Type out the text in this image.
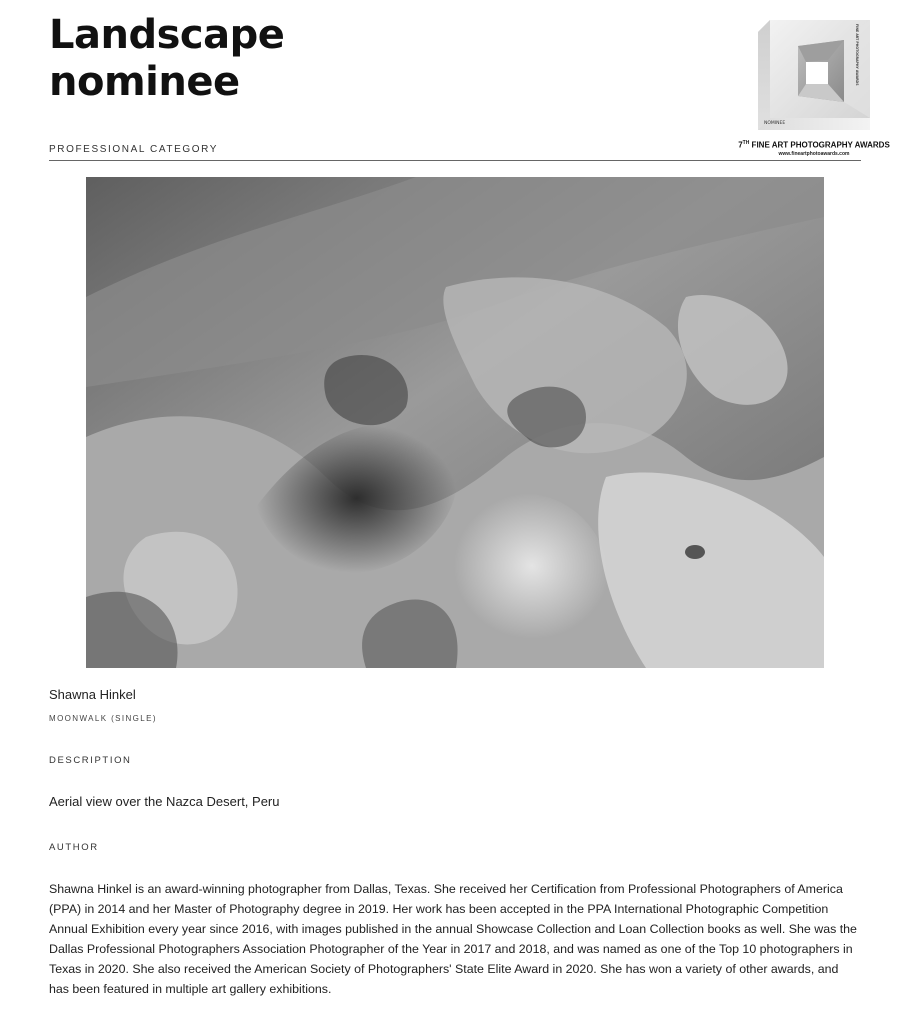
Landscape
nominee
PROFESSIONAL CATEGORY
FINE ART PHOTOGRAPHY AWARDS
NOMINEE
7TH FINE ART PHOTOGRAPHY AWARDS
www.fineartphotoawards.com
Shawna Hinkel
MOONWALK (SINGLE)
DESCRIPTION
Aerial view over the Nazca Desert, Peru
AUTHOR

Shawna Hinkel is an award-winning photographer from Dallas, Texas. She received her Certification from Professional Photographers of America (PPA) in 2014 and her Master of Photography degree in 2019. Her work has been accepted in the PPA International Photographic Competition Annual Exhibition every year since 2016, with images published in the annual Showcase Collection and Loan Collection books as well. She was the Dallas Professional Photographers Association Photographer of the Year in 2017 and 2018, and was named as one of the Top 10 photographers in Texas in 2020. She also received the American Society of Photographers' State Elite Award in 2020. She has won a variety of other awards, and has been featured in multiple art gallery exhibitions.
